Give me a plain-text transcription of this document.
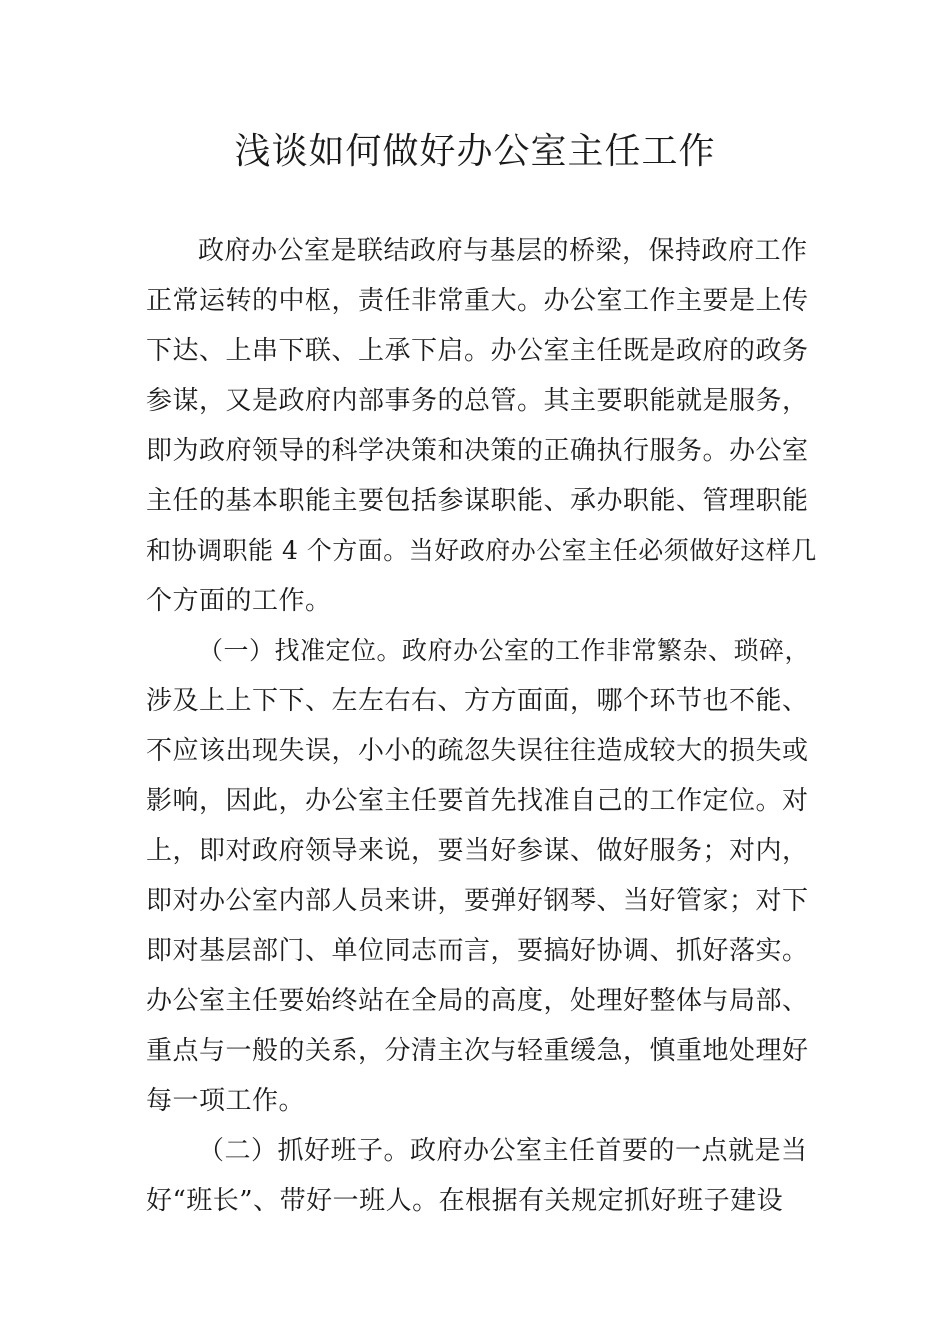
浅谈如何做好办公室主任工作
政府办公室是联结政府与基层的桥梁，保持政府工作
正常运转的中枢，责任非常重大。办公室工作主要是上传
下达、上串下联、上承下启。办公室主任既是政府的政务
参谋，又是政府内部事务的总管。其主要职能就是服务，
即为政府领导的科学决策和决策的正确执行服务。办公室
主任的基本职能主要包括参谋职能、承办职能、管理职能
和协调职能 4 个方面。当好政府办公室主任必须做好这样几
个方面的工作。
（一）找准定位。政府办公室的工作非常繁杂、琐碎，
涉及上上下下、左左右右、方方面面，哪个环节也不能、
不应该出现失误，小小的疏忽失误往往造成较大的损失或
影响，因此，办公室主任要首先找准自己的工作定位。对
上，即对政府领导来说，要当好参谋、做好服务；对内，
即对办公室内部人员来讲，要弹好钢琴、当好管家；对下
即对基层部门、单位同志而言，要搞好协调、抓好落实。
办公室主任要始终站在全局的高度，处理好整体与局部、
重点与一般的关系，分清主次与轻重缓急，慎重地处理好
每一项工作。
（二）抓好班子。政府办公室主任首要的一点就是当
好“班长”、带好一班人。在根据有关规定抓好班子建设
